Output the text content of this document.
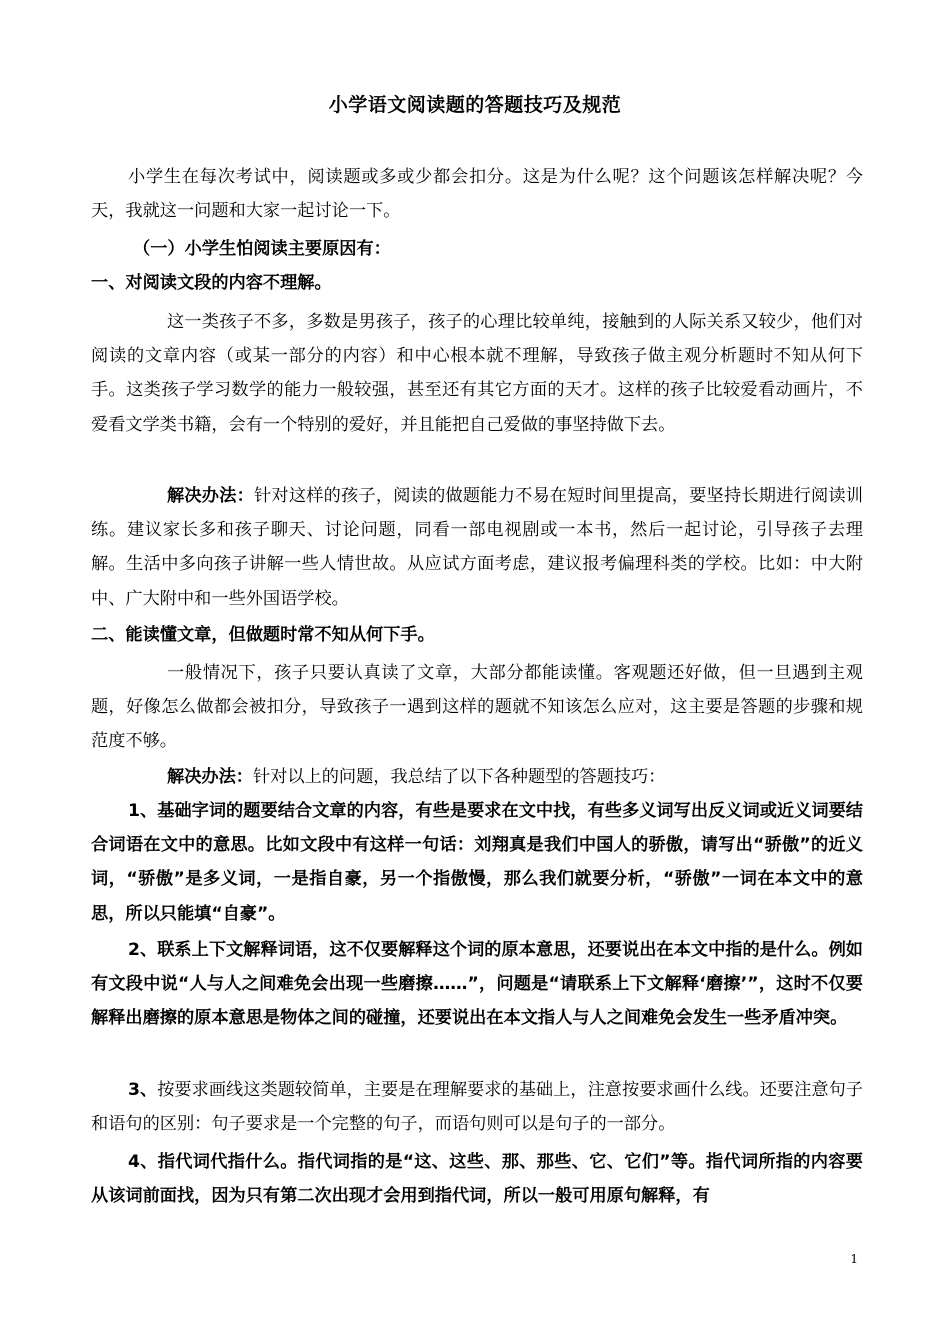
小学语文阅读题的答题技巧及规范
小学生在每次考试中，阅读题或多或少都会扣分。这是为什么呢？这个问题该怎样解决呢？今天，我就这一问题和大家一起讨论一下。
（一）小学生怕阅读主要原因有：
一、对阅读文段的内容不理解。
这一类孩子不多，多数是男孩子，孩子的心理比较单纯，接触到的人际关系又较少，他们对阅读的文章内容（或某一部分的内容）和中心根本就不理解，导致孩子做主观分析题时不知从何下手。这类孩子学习数学的能力一般较强，甚至还有其它方面的天才。这样的孩子比较爱看动画片，不爱看文学类书籍，会有一个特别的爱好，并且能把自己爱做的事坚持做下去。
解决办法：针对这样的孩子，阅读的做题能力不易在短时间里提高，要坚持长期进行阅读训练。建议家长多和孩子聊天、讨论问题，同看一部电视剧或一本书，然后一起讨论，引导孩子去理解。生活中多向孩子讲解一些人情世故。从应试方面考虑，建议报考偏理科类的学校。比如：中大附中、广大附中和一些外国语学校。
二、能读懂文章，但做题时常不知从何下手。
一般情况下，孩子只要认真读了文章，大部分都能读懂。客观题还好做，但一旦遇到主观题，好像怎么做都会被扣分，导致孩子一遇到这样的题就不知该怎么应对，这主要是答题的步骤和规范度不够。
解决办法：针对以上的问题，我总结了以下各种题型的答题技巧：
1、基础字词的题要结合文章的内容，有些是要求在文中找，有些多义词写出反义词或近义词要结合词语在文中的意思。比如文段中有这样一句话：刘翔真是我们中国人的骄傲，请写出“骄傲”的近义词，“骄傲”是多义词，一是指自豪，另一个指傲慢，那么我们就要分析，“骄傲”一词在本文中的意思，所以只能填“自豪”。
2、联系上下文解释词语，这不仅要解释这个词的原本意思，还要说出在本文中指的是什么。例如有文段中说“人与人之间难免会出现一些磨擦……”，问题是“请联系上下文解释‘磨擦’”，这时不仅要解释出磨擦的原本意思是物体之间的碰撞，还要说出在本文指人与人之间难免会发生一些矛盾冲突。
3、按要求画线这类题较简单，主要是在理解要求的基础上，注意按要求画什么线。还要注意句子和语句的区别：句子要求是一个完整的句子，而语句则可以是句子的一部分。
4、指代词代指什么。指代词指的是“这、这些、那、那些、它、它们”等。指代词所指的内容要从该词前面找，因为只有第二次出现才会用到指代词，所以一般可用原句解释，有
1
